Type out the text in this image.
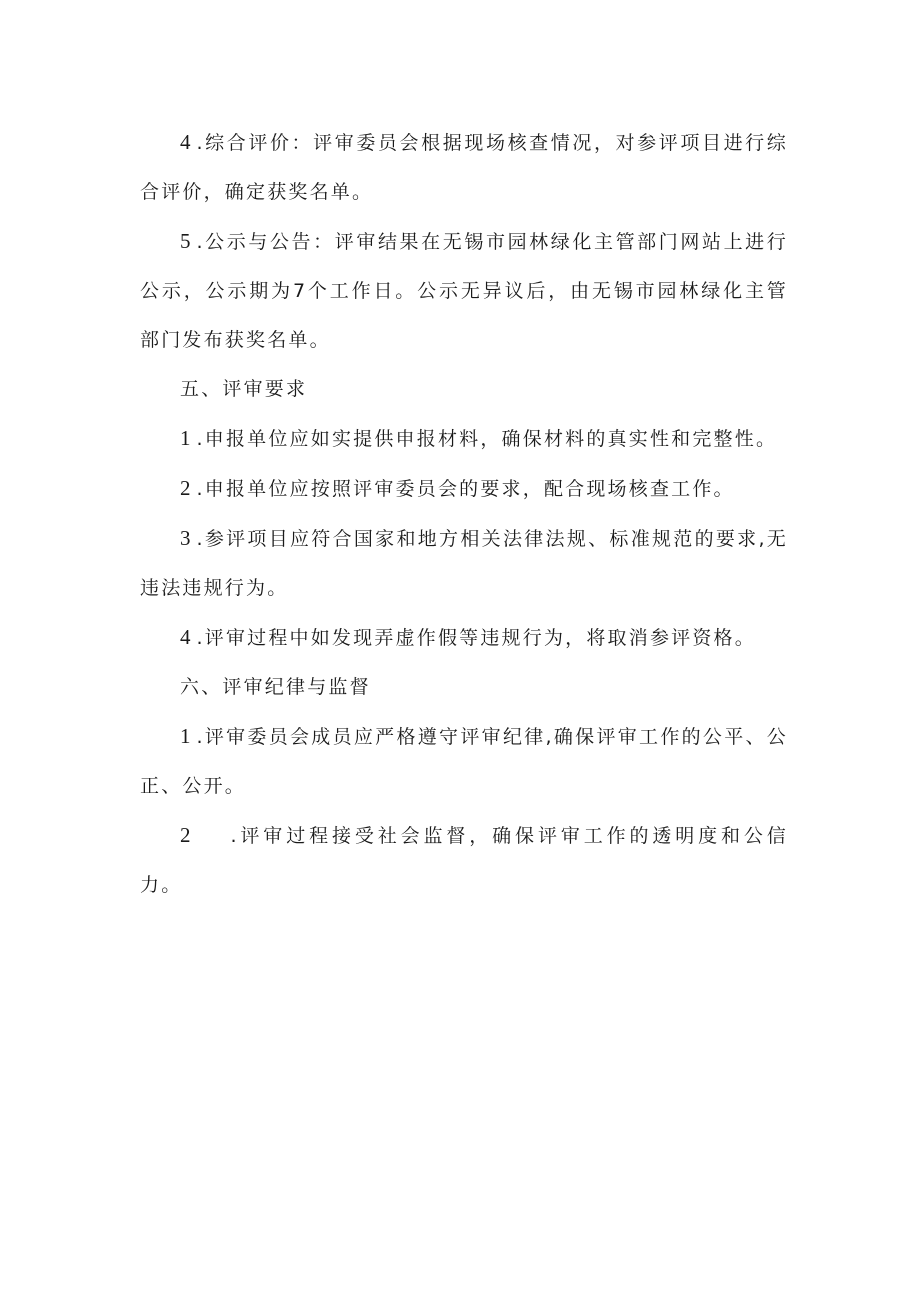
4 .综合评价：评审委员会根据现场核查情况，对参评项目进行综合评价，确定获奖名单。

5 .公示与公告：评审结果在无锡市园林绿化主管部门网站上进行公示，公示期为7个工作日。公示无异议后，由无锡市园林绿化主管部门发布获奖名单。

五、评审要求

1 .申报单位应如实提供申报材料，确保材料的真实性和完整性。

2 .申报单位应按照评审委员会的要求，配合现场核查工作。

3 .参评项目应符合国家和地方相关法律法规、标准规范的要求,无违法违规行为。

4 .评审过程中如发现弄虚作假等违规行为，将取消参评资格。

六、评审纪律与监督

1 .评审委员会成员应严格遵守评审纪律,确保评审工作的公平、公正、公开。

2 .评审过程接受社会监督，确保评审工作的透明度和公信力。
